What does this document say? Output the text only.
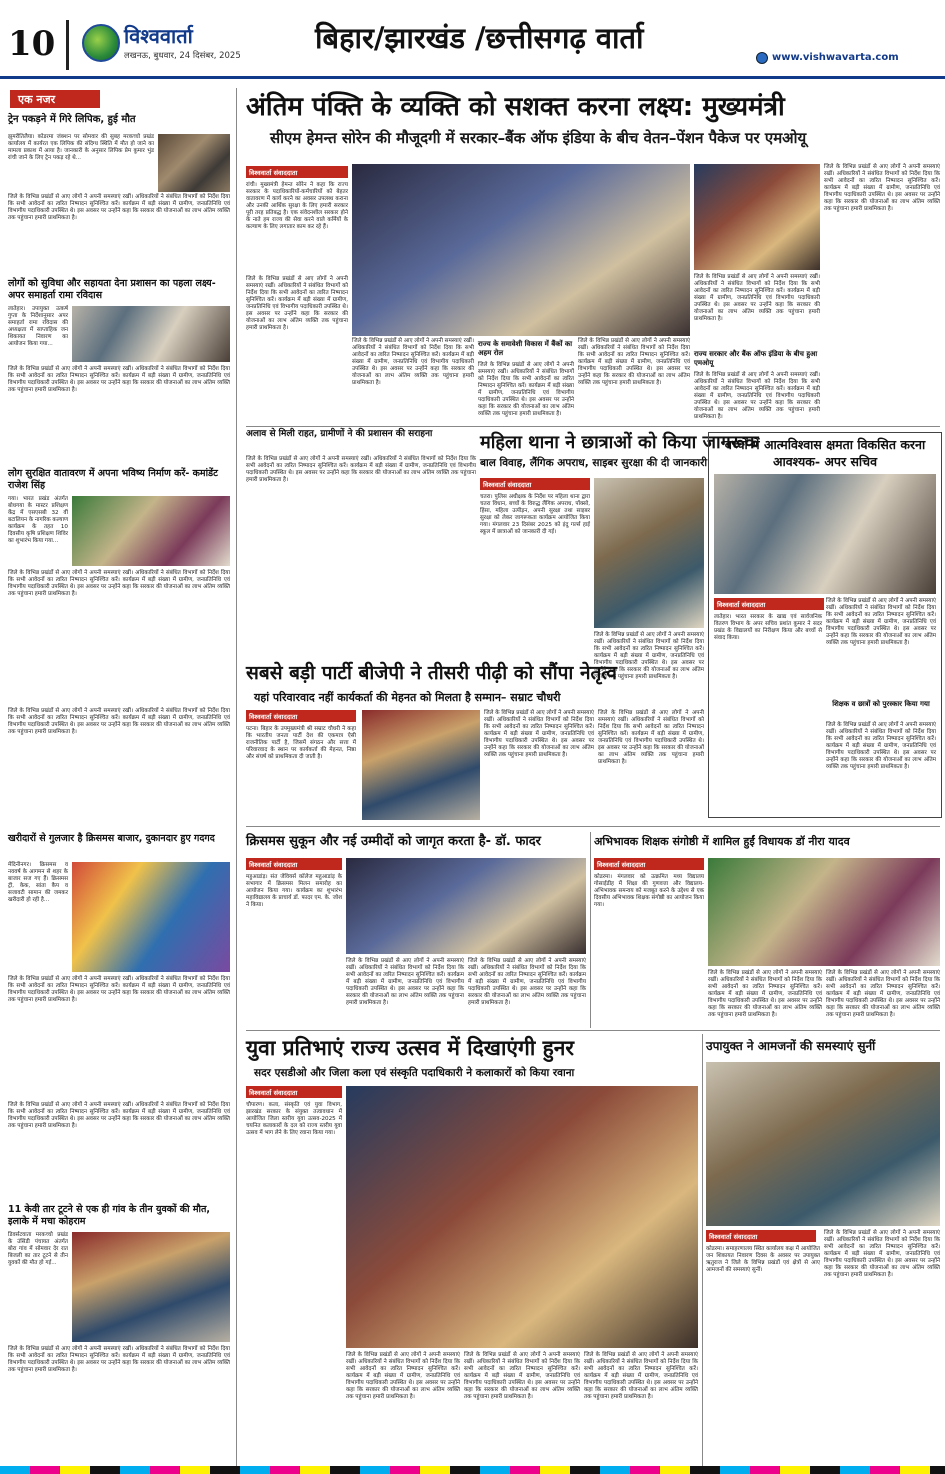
10	विश्ववार्ता
लखनऊ, बुधवार, 24 दिसंबर, 2025
बिहार/झारखंड /छत्तीसगढ़ वार्ता
www.vishwavarta.com
एक नजर
ट्रेन पकड़ने में गिरे लिपिक, हुई मौत
झुमरीतिलैया। कोडरमा जंक्शन पर सोमवार की सुबह मरकच्चो प्रखंड कार्यालय में कार्यरत एक लिपिक की संदिग्ध स्थिति में मौत हो जाने का मामला प्रकाश में आया है। जानकारी के अनुसार लिपिक प्रेम कुमार भुंड रांची जाने के लिए ट्रेन पकड़ रहे थे...
जिले के विभिन्न प्रखंडों से आए लोगों ने अपनी समस्याएं रखीं। अधिकारियों ने संबंधित विभागों को निर्देश दिया कि सभी आवेदनों का त्वरित निष्पादन सुनिश्चित करें। कार्यक्रम में बड़ी संख्या में ग्रामीण, जनप्रतिनिधि एवं विभागीय पदाधिकारी उपस्थित थे। इस अवसर पर उन्होंने कहा कि सरकार की योजनाओं का लाभ अंतिम व्यक्ति तक पहुंचाना हमारी प्राथमिकता है।
लोगों को सुविधा और सहायता देना प्रशासन का पहला लक्ष्य- अपर समाहर्ता रामा रविदास
लातेहार। उपायुक्त उत्कर्ष गुप्ता के निर्देशानुसार अपर समाहर्ता रामा रविदास की अध्यक्षता में साप्ताहिक जन शिकायत निवारण का आयोजन किया गया...
जिले के विभिन्न प्रखंडों से आए लोगों ने अपनी समस्याएं रखीं। अधिकारियों ने संबंधित विभागों को निर्देश दिया कि सभी आवेदनों का त्वरित निष्पादन सुनिश्चित करें। कार्यक्रम में बड़ी संख्या में ग्रामीण, जनप्रतिनिधि एवं विभागीय पदाधिकारी उपस्थित थे। इस अवसर पर उन्होंने कहा कि सरकार की योजनाओं का लाभ अंतिम व्यक्ति तक पहुंचाना हमारी प्राथमिकता है।
लोग सुरक्षित वातावरण में अपना भविष्य निर्माण करें- कमांडेंट राजेश सिंह
गया। भारत प्रखंड अंतर्गत बोधगया के मास्टर प्रशिक्षण केंद्र में एसएसबी 32 वीं बटालियन के नागरिक कल्याण कार्यक्रम के तहत 10 दिवसीय कृषि प्रशिक्षण शिविर का शुभारंभ किया गया...
जिले के विभिन्न प्रखंडों से आए लोगों ने अपनी समस्याएं रखीं। अधिकारियों ने संबंधित विभागों को निर्देश दिया कि सभी आवेदनों का त्वरित निष्पादन सुनिश्चित करें। कार्यक्रम में बड़ी संख्या में ग्रामीण, जनप्रतिनिधि एवं विभागीय पदाधिकारी उपस्थित थे। इस अवसर पर उन्होंने कहा कि सरकार की योजनाओं का लाभ अंतिम व्यक्ति तक पहुंचाना हमारी प्राथमिकता है।
जिले के विभिन्न प्रखंडों से आए लोगों ने अपनी समस्याएं रखीं। अधिकारियों ने संबंधित विभागों को निर्देश दिया कि सभी आवेदनों का त्वरित निष्पादन सुनिश्चित करें। कार्यक्रम में बड़ी संख्या में ग्रामीण, जनप्रतिनिधि एवं विभागीय पदाधिकारी उपस्थित थे। इस अवसर पर उन्होंने कहा कि सरकार की योजनाओं का लाभ अंतिम व्यक्ति तक पहुंचाना हमारी प्राथमिकता है।
खरीदारों से गुलजार है क्रिसमस बाजार, दुकानदार हुए गदगद
मेदिनीनगर। क्रिसमस व नववर्ष के आगमन से शहर के बाजार सज गए हैं। क्रिसमस ट्री, केक, सांता कैप व सजावटी सामान की जमकर खरीदारी हो रही है...
जिले के विभिन्न प्रखंडों से आए लोगों ने अपनी समस्याएं रखीं। अधिकारियों ने संबंधित विभागों को निर्देश दिया कि सभी आवेदनों का त्वरित निष्पादन सुनिश्चित करें। कार्यक्रम में बड़ी संख्या में ग्रामीण, जनप्रतिनिधि एवं विभागीय पदाधिकारी उपस्थित थे। इस अवसर पर उन्होंने कहा कि सरकार की योजनाओं का लाभ अंतिम व्यक्ति तक पहुंचाना हमारी प्राथमिकता है।
जिले के विभिन्न प्रखंडों से आए लोगों ने अपनी समस्याएं रखीं। अधिकारियों ने संबंधित विभागों को निर्देश दिया कि सभी आवेदनों का त्वरित निष्पादन सुनिश्चित करें। कार्यक्रम में बड़ी संख्या में ग्रामीण, जनप्रतिनिधि एवं विभागीय पदाधिकारी उपस्थित थे। इस अवसर पर उन्होंने कहा कि सरकार की योजनाओं का लाभ अंतिम व्यक्ति तक पहुंचाना हमारी प्राथमिकता है।
11 केवी तार टूटने से एक ही गांव के तीन युवकों की मौत, इलाके में मचा कोहराम
डिवर्सटवाता मरकच्चो प्रखंड के उंसिंडी पंचायत अंतर्गत बोरा गांव में सोमवार देर रात बिजली का तार टूटने से तीन युवकों की मौत हो गई...
जिले के विभिन्न प्रखंडों से आए लोगों ने अपनी समस्याएं रखीं। अधिकारियों ने संबंधित विभागों को निर्देश दिया कि सभी आवेदनों का त्वरित निष्पादन सुनिश्चित करें। कार्यक्रम में बड़ी संख्या में ग्रामीण, जनप्रतिनिधि एवं विभागीय पदाधिकारी उपस्थित थे। इस अवसर पर उन्होंने कहा कि सरकार की योजनाओं का लाभ अंतिम व्यक्ति तक पहुंचाना हमारी प्राथमिकता है।
अंतिम पंक्ति के व्यक्ति को सशक्त करना लक्ष्य: मुख्यमंत्री
सीएम हेमन्त सोरेन की मौजूदगी में सरकार–बैंक ऑफ इंडिया के बीच वेतन–पेंशन पैकेज पर एमओयू
विश्ववार्ता संवाददाता
रांची। मुख्यमंत्री हेमन्त सोरेन ने कहा कि राज्य सरकार के पदाधिकारियों-कर्मचारियों को बेहतर वातावरण में कार्य करने का अवसर उपलब्ध कराना और उनकी आर्थिक सुरक्षा के लिए हमारी सरकार पूरी तरह प्रतिबद्ध है। एक संवेदनशील सरकार होने के नाते हम राज्य की सेवा करने वाले कर्मियों के कल्याण के लिए लगातार काम कर रहे हैं।
जिले के विभिन्न प्रखंडों से आए लोगों ने अपनी समस्याएं रखीं। अधिकारियों ने संबंधित विभागों को निर्देश दिया कि सभी आवेदनों का त्वरित निष्पादन सुनिश्चित करें। कार्यक्रम में बड़ी संख्या में ग्रामीण, जनप्रतिनिधि एवं विभागीय पदाधिकारी उपस्थित थे। इस अवसर पर उन्होंने कहा कि सरकार की योजनाओं का लाभ अंतिम व्यक्ति तक पहुंचाना हमारी प्राथमिकता है।
जिले के विभिन्न प्रखंडों से आए लोगों ने अपनी समस्याएं रखीं। अधिकारियों ने संबंधित विभागों को निर्देश दिया कि सभी आवेदनों का त्वरित निष्पादन सुनिश्चित करें। कार्यक्रम में बड़ी संख्या में ग्रामीण, जनप्रतिनिधि एवं विभागीय पदाधिकारी उपस्थित थे। इस अवसर पर उन्होंने कहा कि सरकार की योजनाओं का लाभ अंतिम व्यक्ति तक पहुंचाना हमारी प्राथमिकता है।
जिले के विभिन्न प्रखंडों से आए लोगों ने अपनी समस्याएं रखीं। अधिकारियों ने संबंधित विभागों को निर्देश दिया कि सभी आवेदनों का त्वरित निष्पादन सुनिश्चित करें। कार्यक्रम में बड़ी संख्या में ग्रामीण, जनप्रतिनिधि एवं विभागीय पदाधिकारी उपस्थित थे। इस अवसर पर उन्होंने कहा कि सरकार की योजनाओं का लाभ अंतिम व्यक्ति तक पहुंचाना हमारी प्राथमिकता है।
राज्य के समावेशी विकास में बैंकों का अहम रोल
जिले के विभिन्न प्रखंडों से आए लोगों ने अपनी समस्याएं रखीं। अधिकारियों ने संबंधित विभागों को निर्देश दिया कि सभी आवेदनों का त्वरित निष्पादन सुनिश्चित करें। कार्यक्रम में बड़ी संख्या में ग्रामीण, जनप्रतिनिधि एवं विभागीय पदाधिकारी उपस्थित थे। इस अवसर पर उन्होंने कहा कि सरकार की योजनाओं का लाभ अंतिम व्यक्ति तक पहुंचाना हमारी प्राथमिकता है।
जिले के विभिन्न प्रखंडों से आए लोगों ने अपनी समस्याएं रखीं। अधिकारियों ने संबंधित विभागों को निर्देश दिया कि सभी आवेदनों का त्वरित निष्पादन सुनिश्चित करें। कार्यक्रम में बड़ी संख्या में ग्रामीण, जनप्रतिनिधि एवं विभागीय पदाधिकारी उपस्थित थे। इस अवसर पर उन्होंने कहा कि सरकार की योजनाओं का लाभ अंतिम व्यक्ति तक पहुंचाना हमारी प्राथमिकता है।
राज्य सरकार और बैंक ऑफ इंडिया के बीच हुआ एमओयू
जिले के विभिन्न प्रखंडों से आए लोगों ने अपनी समस्याएं रखीं। अधिकारियों ने संबंधित विभागों को निर्देश दिया कि सभी आवेदनों का त्वरित निष्पादन सुनिश्चित करें। कार्यक्रम में बड़ी संख्या में ग्रामीण, जनप्रतिनिधि एवं विभागीय पदाधिकारी उपस्थित थे। इस अवसर पर उन्होंने कहा कि सरकार की योजनाओं का लाभ अंतिम व्यक्ति तक पहुंचाना हमारी प्राथमिकता है।
जिले के विभिन्न प्रखंडों से आए लोगों ने अपनी समस्याएं रखीं। अधिकारियों ने संबंधित विभागों को निर्देश दिया कि सभी आवेदनों का त्वरित निष्पादन सुनिश्चित करें। कार्यक्रम में बड़ी संख्या में ग्रामीण, जनप्रतिनिधि एवं विभागीय पदाधिकारी उपस्थित थे। इस अवसर पर उन्होंने कहा कि सरकार की योजनाओं का लाभ अंतिम व्यक्ति तक पहुंचाना हमारी प्राथमिकता है।
अलाव से मिली राहत, ग्रामीणों ने की प्रशासन की सराहना
जिले के विभिन्न प्रखंडों से आए लोगों ने अपनी समस्याएं रखीं। अधिकारियों ने संबंधित विभागों को निर्देश दिया कि सभी आवेदनों का त्वरित निष्पादन सुनिश्चित करें। कार्यक्रम में बड़ी संख्या में ग्रामीण, जनप्रतिनिधि एवं विभागीय पदाधिकारी उपस्थित थे। इस अवसर पर उन्होंने कहा कि सरकार की योजनाओं का लाभ अंतिम व्यक्ति तक पहुंचाना हमारी प्राथमिकता है।
महिला थाना ने छात्राओं को किया जागरूक
बाल विवाह, लैंगिक अपराध, साइबर सुरक्षा की दी जानकारी
विश्ववार्ता संवाददाता
चतरा। पुलिस अधीक्षक के निर्देश पर महिला थाना द्वारा चतरा विधान, बच्चों के विरुद्ध लैंगिक अपराध, पॉक्सो, हिंसा, महिला उत्पीड़न, अपनी सुरक्षा तथा साइबर सुरक्षा को लेकर जागरूकता कार्यक्रम आयोजित किया गया। मंगलवार 23 दिसंबर 2025 को इंदु गर्ल्स हाई स्कूल में छात्राओं को जानकारी दी गई।
जिले के विभिन्न प्रखंडों से आए लोगों ने अपनी समस्याएं रखीं। अधिकारियों ने संबंधित विभागों को निर्देश दिया कि सभी आवेदनों का त्वरित निष्पादन सुनिश्चित करें। कार्यक्रम में बड़ी संख्या में ग्रामीण, जनप्रतिनिधि एवं विभागीय पदाधिकारी उपस्थित थे। इस अवसर पर उन्होंने कहा कि सरकार की योजनाओं का लाभ अंतिम व्यक्ति तक पहुंचाना हमारी प्राथमिकता है।
बच्चों में आत्मविश्वास क्षमता विकसित करना आवश्यक- अपर सचिव
विश्ववार्ता संवाददाता
लातेहार। भारत सरकार के खाद्य एवं सार्वजनिक वितरण विभाग के अपर सचिव प्रशांत कुमार ने सदर प्रखंड के विद्यालयों का निरीक्षण किया और बच्चों से संवाद किया।
जिले के विभिन्न प्रखंडों से आए लोगों ने अपनी समस्याएं रखीं। अधिकारियों ने संबंधित विभागों को निर्देश दिया कि सभी आवेदनों का त्वरित निष्पादन सुनिश्चित करें। कार्यक्रम में बड़ी संख्या में ग्रामीण, जनप्रतिनिधि एवं विभागीय पदाधिकारी उपस्थित थे। इस अवसर पर उन्होंने कहा कि सरकार की योजनाओं का लाभ अंतिम व्यक्ति तक पहुंचाना हमारी प्राथमिकता है।
शिक्षक व छात्रों को पुरस्कार किया गया
जिले के विभिन्न प्रखंडों से आए लोगों ने अपनी समस्याएं रखीं। अधिकारियों ने संबंधित विभागों को निर्देश दिया कि सभी आवेदनों का त्वरित निष्पादन सुनिश्चित करें। कार्यक्रम में बड़ी संख्या में ग्रामीण, जनप्रतिनिधि एवं विभागीय पदाधिकारी उपस्थित थे। इस अवसर पर उन्होंने कहा कि सरकार की योजनाओं का लाभ अंतिम व्यक्ति तक पहुंचाना हमारी प्राथमिकता है।
सबसे बड़ी पार्टी बीजेपी ने तीसरी पीढ़ी को सौंपा नेतृत्व
यहां परिवारवाद नहीं कार्यकर्ता की मेहनत को मिलता है सम्मान– सम्राट चौधरी
विश्ववार्ता संवाददाता
पटना। बिहार के उपमुख्यमंत्री श्री सम्राट चौधरी ने कहा कि भारतीय जनता पार्टी देश की एकमात्र ऐसी राजनीतिक पार्टी है, जिसमें संगठन और सत्ता में परिवारवाद के स्थान पर कार्यकर्ता की मेहनत, निष्ठा और संघर्ष को प्राथमिकता दी जाती है।
जिले के विभिन्न प्रखंडों से आए लोगों ने अपनी समस्याएं रखीं। अधिकारियों ने संबंधित विभागों को निर्देश दिया कि सभी आवेदनों का त्वरित निष्पादन सुनिश्चित करें। कार्यक्रम में बड़ी संख्या में ग्रामीण, जनप्रतिनिधि एवं विभागीय पदाधिकारी उपस्थित थे। इस अवसर पर उन्होंने कहा कि सरकार की योजनाओं का लाभ अंतिम व्यक्ति तक पहुंचाना हमारी प्राथमिकता है।
जिले के विभिन्न प्रखंडों से आए लोगों ने अपनी समस्याएं रखीं। अधिकारियों ने संबंधित विभागों को निर्देश दिया कि सभी आवेदनों का त्वरित निष्पादन सुनिश्चित करें। कार्यक्रम में बड़ी संख्या में ग्रामीण, जनप्रतिनिधि एवं विभागीय पदाधिकारी उपस्थित थे। इस अवसर पर उन्होंने कहा कि सरकार की योजनाओं का लाभ अंतिम व्यक्ति तक पहुंचाना हमारी प्राथमिकता है।
क्रिसमस सुकून और नई उम्मीदों को जागृत करता है- डॉ. फादर
विश्ववार्ता संवाददाता
महुआडांड़। संत जेवियर्स कॉलेज महुआडांड़ के सभागार में क्रिसमस मिलन समारोह का आयोजन किया गया। कार्यक्रम का शुभारंभ महाविद्यालय के प्राचार्य डॉ. फादर एम. के. जोश ने किया।
जिले के विभिन्न प्रखंडों से आए लोगों ने अपनी समस्याएं रखीं। अधिकारियों ने संबंधित विभागों को निर्देश दिया कि सभी आवेदनों का त्वरित निष्पादन सुनिश्चित करें। कार्यक्रम में बड़ी संख्या में ग्रामीण, जनप्रतिनिधि एवं विभागीय पदाधिकारी उपस्थित थे। इस अवसर पर उन्होंने कहा कि सरकार की योजनाओं का लाभ अंतिम व्यक्ति तक पहुंचाना हमारी प्राथमिकता है।
जिले के विभिन्न प्रखंडों से आए लोगों ने अपनी समस्याएं रखीं। अधिकारियों ने संबंधित विभागों को निर्देश दिया कि सभी आवेदनों का त्वरित निष्पादन सुनिश्चित करें। कार्यक्रम में बड़ी संख्या में ग्रामीण, जनप्रतिनिधि एवं विभागीय पदाधिकारी उपस्थित थे। इस अवसर पर उन्होंने कहा कि सरकार की योजनाओं का लाभ अंतिम व्यक्ति तक पहुंचाना हमारी प्राथमिकता है।
अभिभावक शिक्षक संगोष्ठी में शामिल हुईं विधायक डॉ नीरा यादव
विश्ववार्ता संवाददाता
कोडरमा। मंगलवार को उत्क्रमित मध्य विद्यालय गोसाईडीह में शिक्षा की गुणवत्ता और विद्यालय-अभिभावक समन्वय को मजबूत करने के उद्देश्य से एक दिवसीय अभिभावक शिक्षक संगोष्ठी का आयोजन किया गया।
जिले के विभिन्न प्रखंडों से आए लोगों ने अपनी समस्याएं रखीं। अधिकारियों ने संबंधित विभागों को निर्देश दिया कि सभी आवेदनों का त्वरित निष्पादन सुनिश्चित करें। कार्यक्रम में बड़ी संख्या में ग्रामीण, जनप्रतिनिधि एवं विभागीय पदाधिकारी उपस्थित थे। इस अवसर पर उन्होंने कहा कि सरकार की योजनाओं का लाभ अंतिम व्यक्ति तक पहुंचाना हमारी प्राथमिकता है।
जिले के विभिन्न प्रखंडों से आए लोगों ने अपनी समस्याएं रखीं। अधिकारियों ने संबंधित विभागों को निर्देश दिया कि सभी आवेदनों का त्वरित निष्पादन सुनिश्चित करें। कार्यक्रम में बड़ी संख्या में ग्रामीण, जनप्रतिनिधि एवं विभागीय पदाधिकारी उपस्थित थे। इस अवसर पर उन्होंने कहा कि सरकार की योजनाओं का लाभ अंतिम व्यक्ति तक पहुंचाना हमारी प्राथमिकता है।
युवा प्रतिभाएं राज्य उत्सव में दिखाएंगी हुनर
सदर एसडीओ और जिला कला एवं संस्कृति पदाधिकारी ने कलाकारों को किया रवाना
विश्ववार्ता संवाददाता
चौपारण। कला, संस्कृति एवं युवा विभाग, झारखंड सरकार के संयुक्त तत्वावधान में आयोजित जिला स्तरीय युवा उत्सव-2025 में चयनित कलाकारों के दल को राज्य स्तरीय युवा उत्सव में भाग लेने के लिए रवाना किया गया।
जिले के विभिन्न प्रखंडों से आए लोगों ने अपनी समस्याएं रखीं। अधिकारियों ने संबंधित विभागों को निर्देश दिया कि सभी आवेदनों का त्वरित निष्पादन सुनिश्चित करें। कार्यक्रम में बड़ी संख्या में ग्रामीण, जनप्रतिनिधि एवं विभागीय पदाधिकारी उपस्थित थे। इस अवसर पर उन्होंने कहा कि सरकार की योजनाओं का लाभ अंतिम व्यक्ति तक पहुंचाना हमारी प्राथमिकता है।
जिले के विभिन्न प्रखंडों से आए लोगों ने अपनी समस्याएं रखीं। अधिकारियों ने संबंधित विभागों को निर्देश दिया कि सभी आवेदनों का त्वरित निष्पादन सुनिश्चित करें। कार्यक्रम में बड़ी संख्या में ग्रामीण, जनप्रतिनिधि एवं विभागीय पदाधिकारी उपस्थित थे। इस अवसर पर उन्होंने कहा कि सरकार की योजनाओं का लाभ अंतिम व्यक्ति तक पहुंचाना हमारी प्राथमिकता है।
जिले के विभिन्न प्रखंडों से आए लोगों ने अपनी समस्याएं रखीं। अधिकारियों ने संबंधित विभागों को निर्देश दिया कि सभी आवेदनों का त्वरित निष्पादन सुनिश्चित करें। कार्यक्रम में बड़ी संख्या में ग्रामीण, जनप्रतिनिधि एवं विभागीय पदाधिकारी उपस्थित थे। इस अवसर पर उन्होंने कहा कि सरकार की योजनाओं का लाभ अंतिम व्यक्ति तक पहुंचाना हमारी प्राथमिकता है।
उपायुक्त ने आमजनों की समस्याएं सुनीं
विश्ववार्ता संवाददाता
कोडरमा। समाहरणालय स्थित कार्यालय कक्ष में आयोजित जन शिकायत निवारण दिवस के अवसर पर उपायुक्त ऋतुराज ने जिले के विभिन्न प्रखंडों एवं क्षेत्रों से आए आमजनों की समस्याएं सुनीं।
जिले के विभिन्न प्रखंडों से आए लोगों ने अपनी समस्याएं रखीं। अधिकारियों ने संबंधित विभागों को निर्देश दिया कि सभी आवेदनों का त्वरित निष्पादन सुनिश्चित करें। कार्यक्रम में बड़ी संख्या में ग्रामीण, जनप्रतिनिधि एवं विभागीय पदाधिकारी उपस्थित थे। इस अवसर पर उन्होंने कहा कि सरकार की योजनाओं का लाभ अंतिम व्यक्ति तक पहुंचाना हमारी प्राथमिकता है।
